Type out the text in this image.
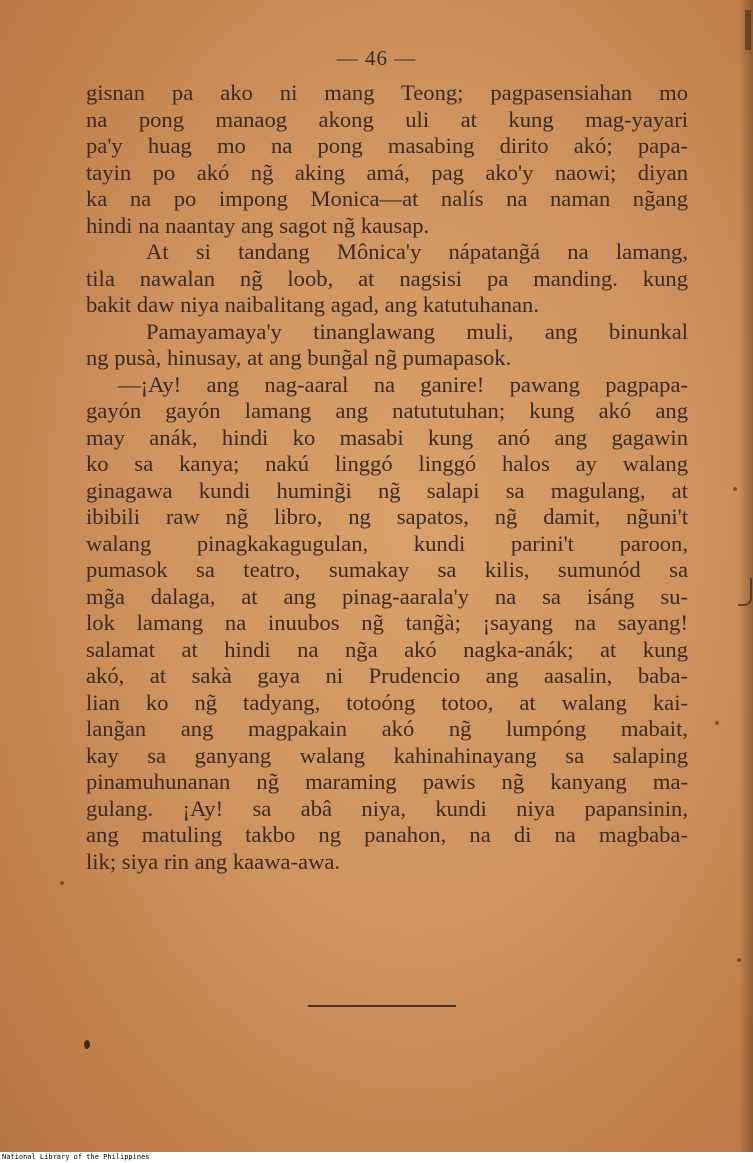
— 46 —
gisnan pa ako ni mang Teong; pagpasensiahan mo
na pong manaog akong uli at kung mag-yayari
pa'y huag mo na pong masabing dirito akó; papa-
tayin po akó ng̃ aking amá, pag ako'y naowi; diyan
ka na po impong Monica—at nalís na naman ng̃ang
hindi na naantay ang sagot ng̃ kausap.
At si tandang Mônica'y nápatang̃á na lamang,
tila nawalan ng̃ loob, at nagsisi pa manding. kung
bakit daw niya naibalitang agad, ang katutuhanan.
Pamayamaya'y tinanglawang muli, ang binunkal
ng pusà, hinusay, at ang bung̃al ng̃ pumapasok.
—¡Ay! ang nag-aaral na ganire! pawang pagpapa-
gayón gayón lamang ang natututuhan; kung akó ang
may anák, hindi ko masabi kung anó ang gagawin
ko sa kanya; nakú linggó linggó halos ay walang
ginagawa kundi huming̃i ng̃ salapi sa magulang, at
ibibili raw ng̃ libro, ng sapatos, ng̃ damit, ng̃uni't
walang pinagkakagugulan, kundi parini't paroon,
pumasok sa teatro, sumakay sa kilis, sumunód sa
mg̃a dalaga, at ang pinag-aarala'y na sa isáng su-
lok lamang na inuubos ng̃ tang̃à; ¡sayang na sayang!
salamat at hindi na ng̃a akó nagka-anák; at kung
akó, at sakà gaya ni Prudencio ang aasalin, baba-
lian ko ng̃ tadyang, totoóng totoo, at walang kai-
lang̃an ang magpakain akó ng̃ lumpóng mabait,
kay sa ganyang walang kahinahinayang sa salaping
pinamuhunanan ng̃ maraming pawis ng̃ kanyang ma-
gulang. ¡Ay! sa abâ niya, kundi niya papansinin,
ang matuling takbo ng panahon, na di na magbaba-
lik; siya rin ang kaawa-awa.
National Library of the Philippines
